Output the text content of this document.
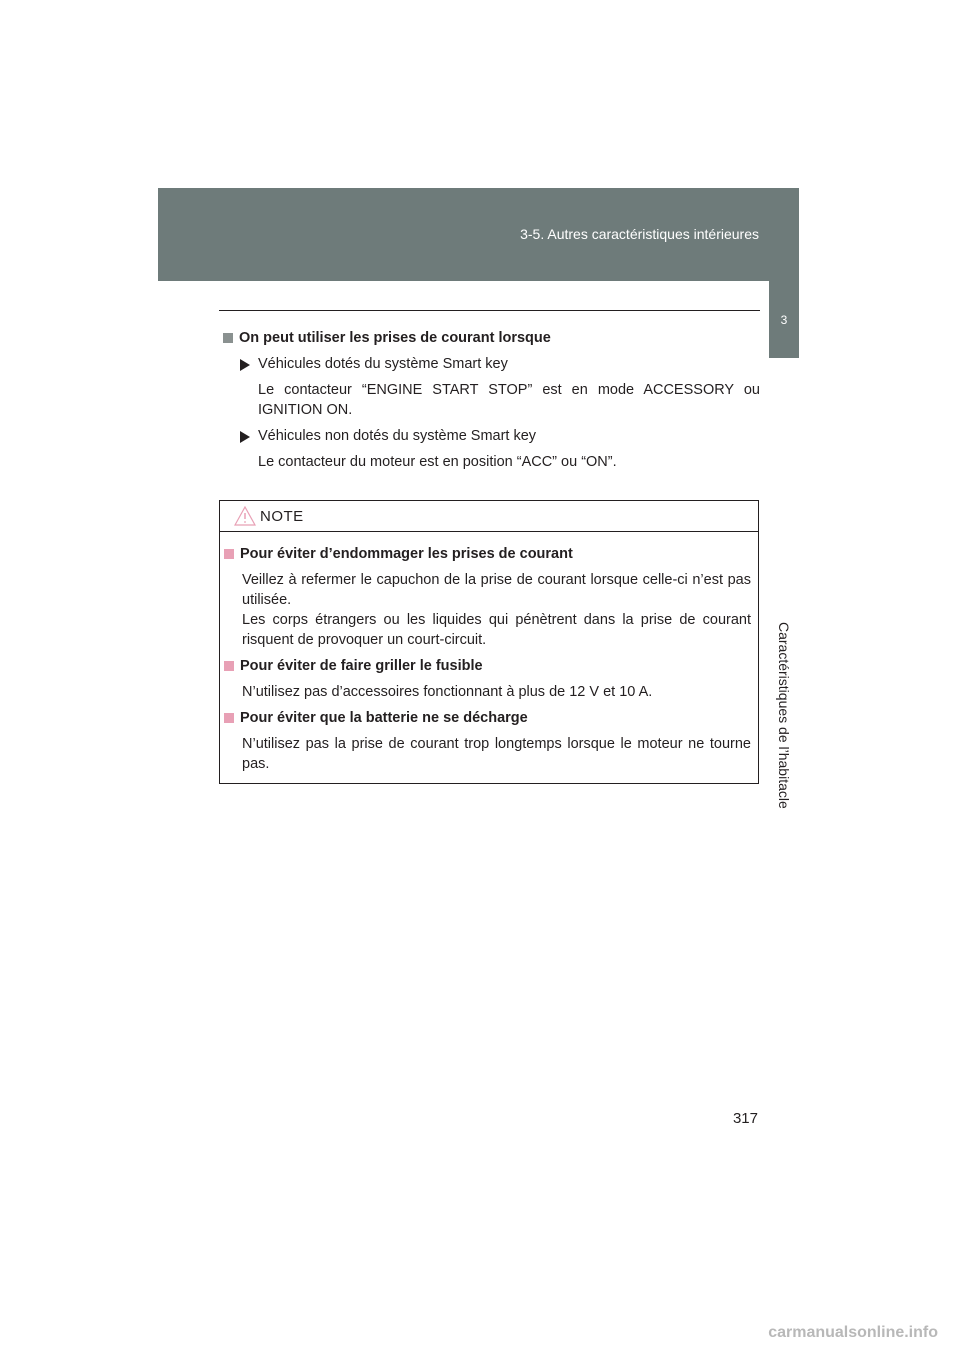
3-5. Autres caractéristiques intérieures
3
Caractéristiques de l’habitacle
On peut utiliser les prises de courant lorsque
Véhicules dotés du système Smart key
Le contacteur “ENGINE START STOP” est en mode ACCESSORY ou IGNITION ON.
Véhicules non dotés du système Smart key
Le contacteur du moteur est en position “ACC” ou “ON”.
NOTE
Pour éviter d’endommager les prises de courant
Veillez à refermer le capuchon de la prise de courant lorsque celle-ci n’est pas utilisée.
Les corps étrangers ou les liquides qui pénètrent dans la prise de courant risquent de provoquer un court-circuit.
Pour éviter de faire griller le fusible
N’utilisez pas d’accessoires fonctionnant à plus de 12 V et 10 A.
Pour éviter que la batterie ne se décharge
N’utilisez pas la prise de courant trop longtemps lorsque le moteur ne tourne pas.
317
carmanualsonline.info
